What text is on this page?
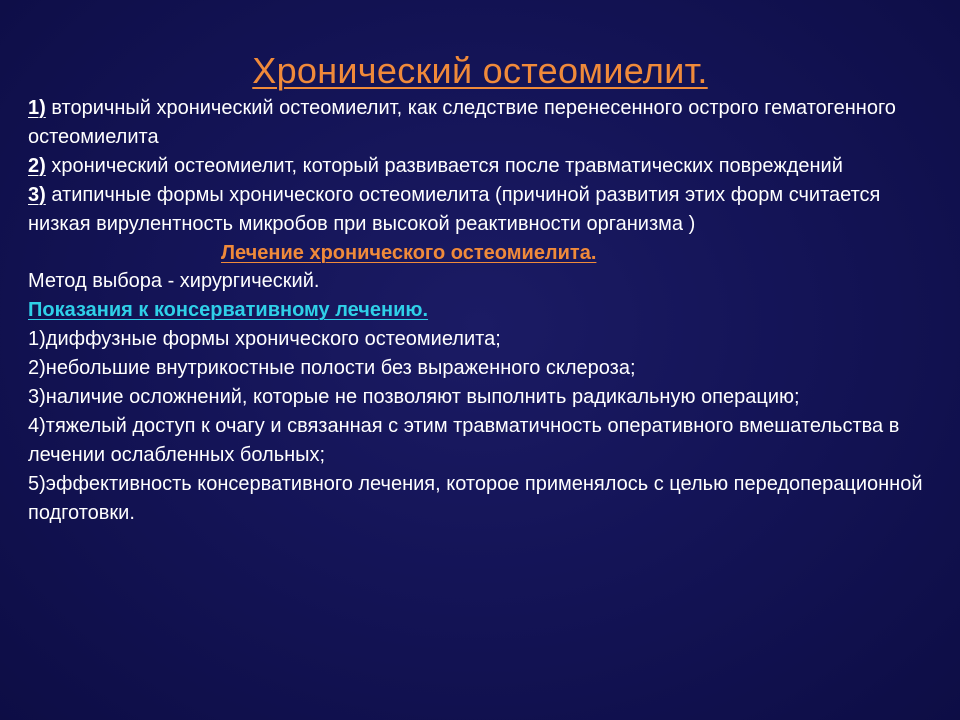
Хронический остеомиелит.

1) вторичный хронический остеомиелит, как следствие перенесенного острого гематогенного остеомиелита

2) хронический остеомиелит, который развивается после травматических повреждений

3) атипичные формы хронического остеомиелита (причиной развития этих форм считается низкая вирулентность микробов при высокой реактивности организма )

Лечение хронического остеомиелита.

Метод выбора - хирургический.

Показания к консервативному лечению.

1)диффузные формы хронического остеомиелита;

2)небольшие внутрикостные полости без выраженного склероза;

3)наличие осложнений, которые не позволяют выполнить радикальную операцию;

4)тяжелый доступ к очагу и связанная с этим травматичность оперативного вмешательства в лечении ослабленных больных;

5)эффективность консервативного лечения, которое применялось с целью передоперационной подготовки.
